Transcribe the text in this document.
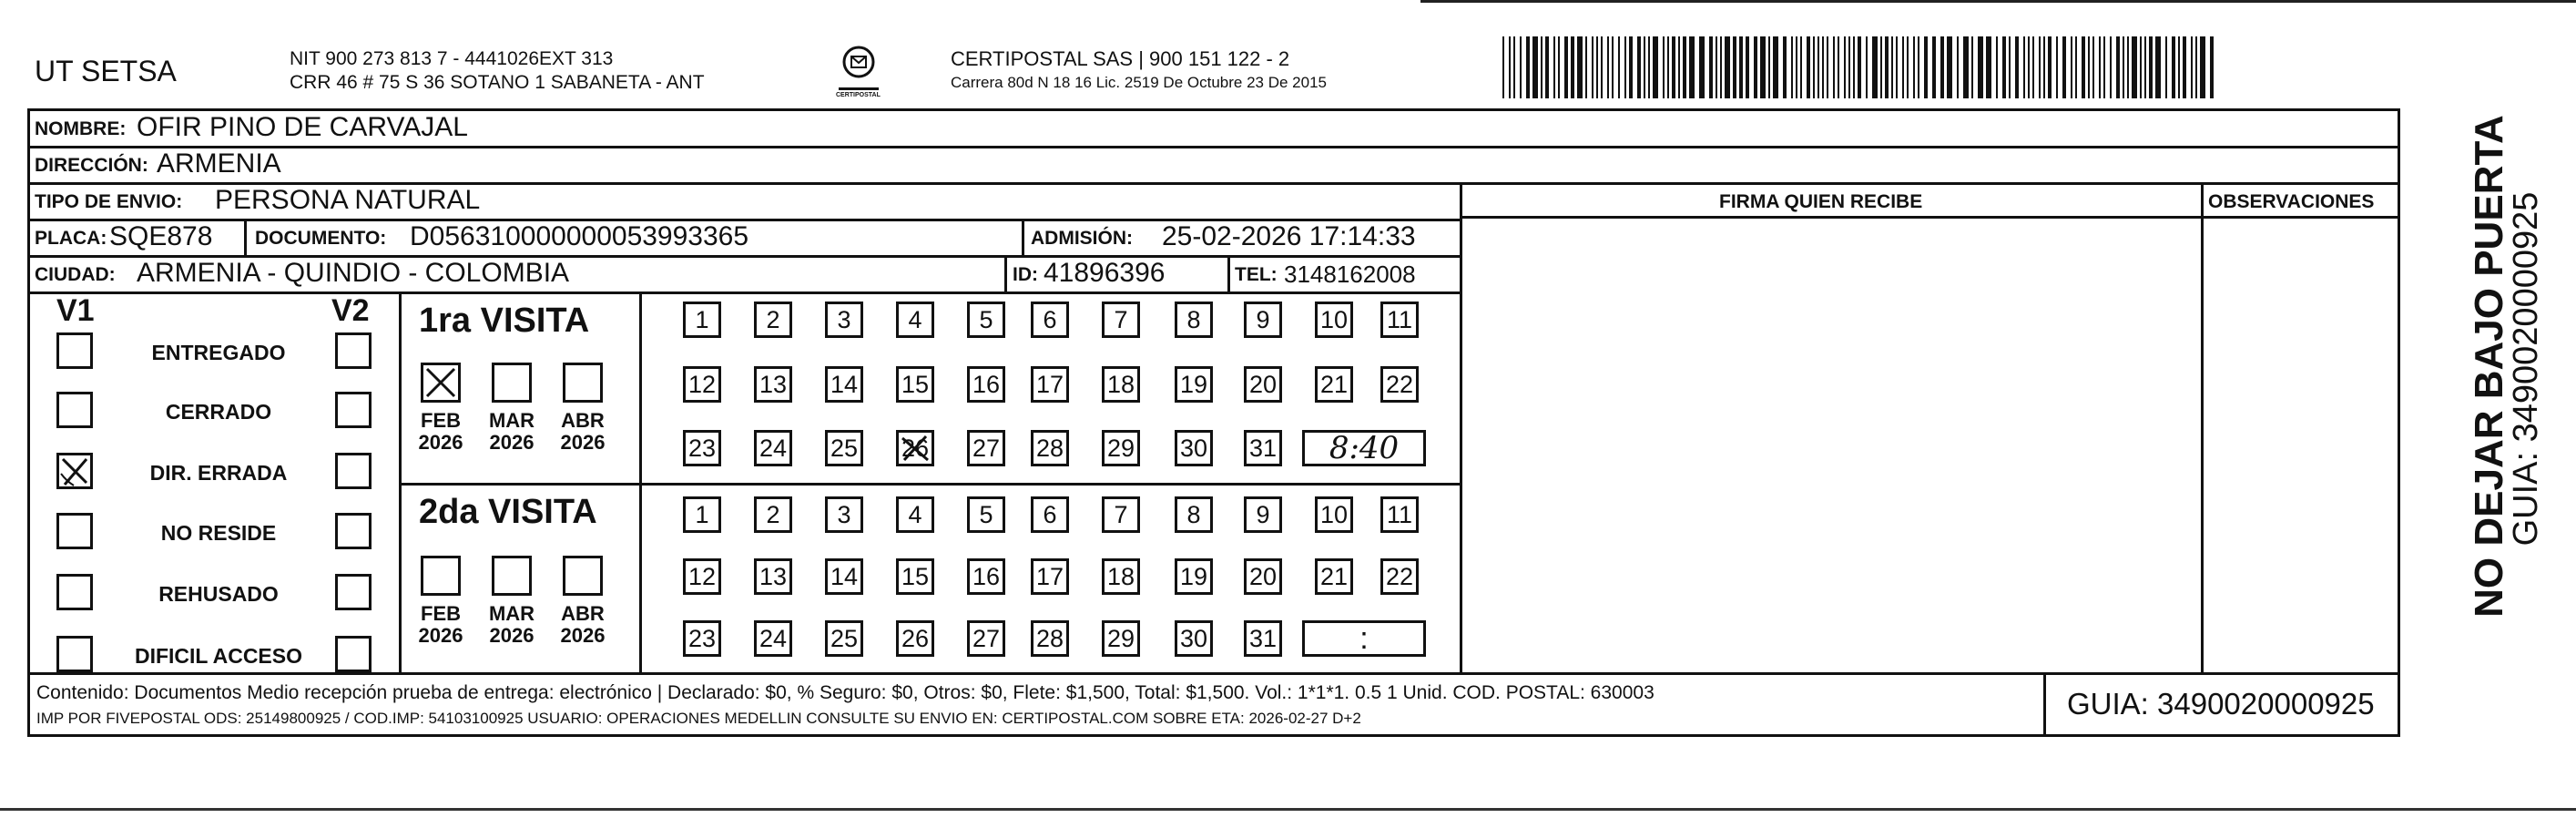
UT SETSA	NIT 900 273 813 7 - 4441026EXT 313
CRR 46 # 75 S 36 SOTANO 1 SABANETA - ANT
CERTIPOSTAL
CERTIPOSTAL SAS | 900 151 122 - 2
Carrera 80d N 18 16 Lic. 2519 De Octubre 23 De 2015
NOMBRE: OFIR PINO DE CARVAJAL
DIRECCIÓN: ARMENIA
TIPO DE ENVIO: PERSONA NATURAL	FIRMA QUIEN RECIBE	OBSERVACIONES
PLACA: SQE878 DOCUMENTO: D056310000000053993365	ADMISIÓN: 25-02-2026 17:14:33
CIUDAD: ARMENIA - QUINDIO - COLOMBIA	ID: 41896396	TEL: 3148162008
V1	V2
ENTREGADO
CERRADO
DIR. ERRADA
NO RESIDE
REHUSADO
DIFICIL ACCESO
1ra VISITA
2da VISITA
FEB
2026
MAR
2026
ABR
2026
FEB
2026
MAR
2026
ABR
2026
1 2 3 4 5 6 7 8 9 10 11
12 13 14 15 16 17 18 19 20 21 22
23 24 25 26 27 28 29 30 31 8:40
1 2 3 4 5 6 7 8 9 10 11
12 13 14 15 16 17 18 19 20 21 22
23 24 25 26 27 28 29 30 31	:
Contenido: Documentos Medio recepción prueba de entrega: electrónico | Declarado: $0, % Seguro: $0, Otros: $0, Flete: $1,500, Total: $1,500. Vol.: 1*1*1. 0.5 1 Unid. COD. POSTAL: 630003
IMP POR FIVEPOSTAL ODS: 25149800925 / COD.IMP: 54103100925 USUARIO: OPERACIONES MEDELLIN CONSULTE SU ENVIO EN: CERTIPOSTAL.COM SOBRE ETA: 2026-02-27 D+2	GUIA: 3490020000925
NO DEJAR BAJO PUERTA
GUIA: 3490020000925
